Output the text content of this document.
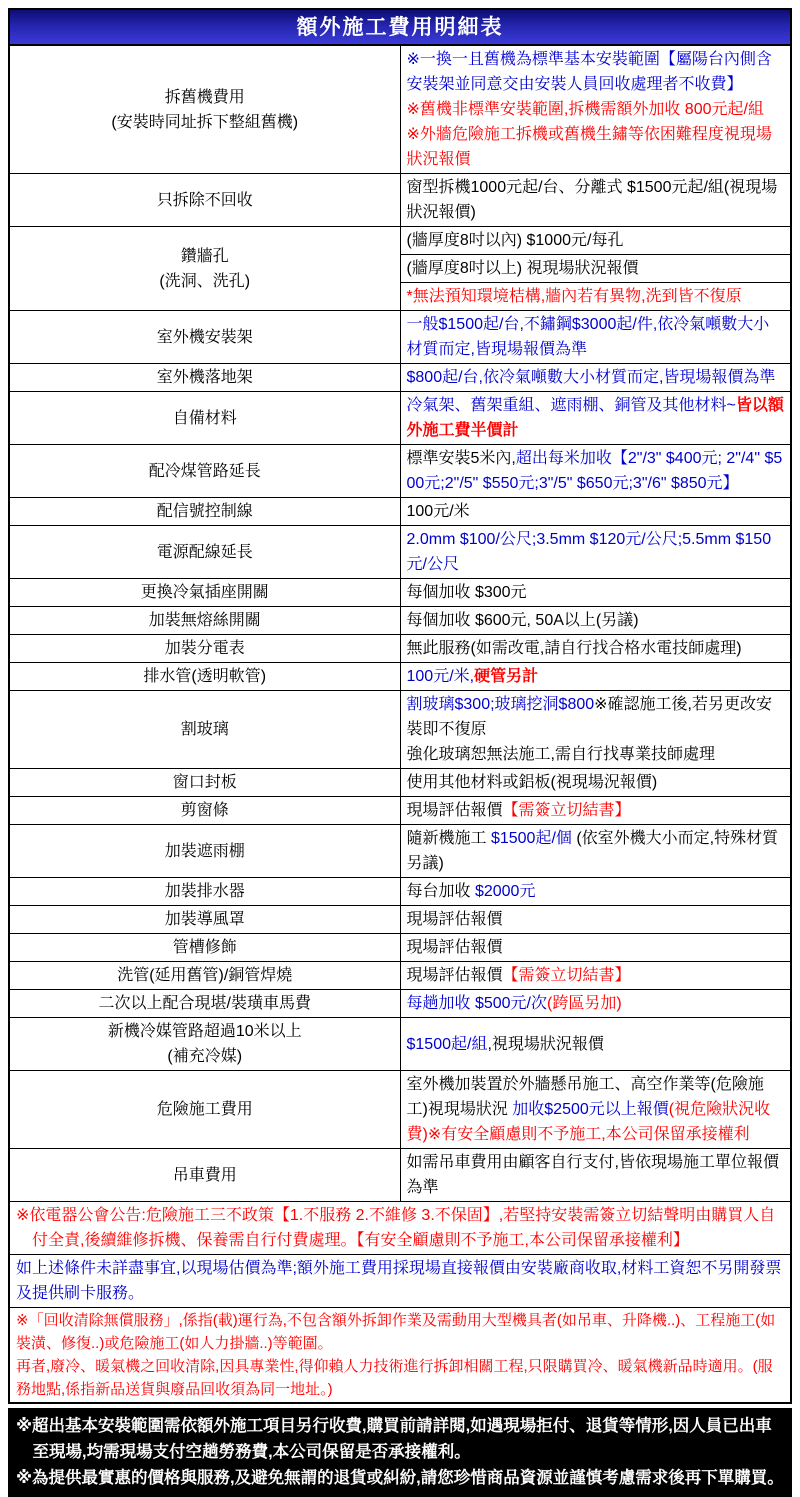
額外施工費用明細表	
拆舊機費用
(安裝時同址拆下整組舊機)	※一換一且舊機為標準基本安裝範圍【屬陽台內側含安裝架並同意交由安裝人員回收處理者不收費】
※舊機非標準安裝範圍,拆機需額外加收 800元起/組
※外牆危險施工拆機或舊機生鏽等依困難程度視現場狀況報價
只拆除不回收	窗型拆機1000元起/台、分離式 $1500元起/組(視現場狀況報價)
鑽牆孔
(洗洞、洗孔)	(牆厚度8吋以內) $1000元/每孔
	(牆厚度8吋以上) 視現場狀況報價
	*無法預知環境桔構,牆內若有異物,洗到皆不復原
室外機安裝架	一般$1500起/台,不鏽鋼$3000起/件,依冷氣噸數大小材質而定,皆現場報價為準
室外機落地架	$800起/台,依冷氣噸數大小材質而定,皆現場報價為準
自備材料	冷氣架、舊架重組、遮雨棚、銅管及其他材料~皆以額外施工費半價計
配冷煤管路延長	標準安裝5米內,超出每米加收【2"/3" $400元; 2"/4" $500元;2"/5" $550元;3"/5" $650元;3"/6" $850元】
配信號控制線	100元/米
電源配線延長	2.0mm $100/公尺;3.5mm $120元/公尺;5.5mm $150元/公尺
更換冷氣插座開關	每個加收 $300元
加裝無熔絲開關	每個加收 $600元, 50A以上(另議)
加裝分電表	無此服務(如需改電,請自行找合格水電技師處理)
排水管(透明軟管)	100元/米,硬管另計
割玻璃	割玻璃$300;玻璃挖洞$800※確認施工後,若另更改安裝即不復原
強化玻璃恕無法施工,需自行找專業技師處理
窗口封板	使用其他材料或鋁板(視現場況報價)
剪窗條	現場評估報價【需簽立切結書】
加裝遮雨棚	隨新機施工 $1500起/個 (依室外機大小而定,特殊材質另議)
加裝排水器	每台加收 $2000元
加裝導風罩	現場評估報價
管槽修飾	現場評估報價
洗管(延用舊管)/銅管焊燒	現場評估報價【需簽立切結書】
二次以上配合現堪/裝璜車馬費	每趟加收 $500元/次(跨區另加)
新機冷媒管路超過10米以上
(補充冷媒)	$1500起/組,視現場狀況報價
危險施工費用	室外機加裝置於外牆懸吊施工、高空作業等(危險施工)視現場狀況 加收$2500元以上報價(視危險狀況收費)※有安全顧慮則不予施工,本公司保留承接權利
吊車費用	如需吊車費用由顧客自行支付,皆依現場施工單位報價為準
※依電器公會公告:危險施工三不政策【1.不服務 2.不維修 3.不保固】,若堅持安裝需簽立切結聲明由購買人自付全責,後續維修拆機、保養需自行付費處理。【有安全顧慮則不予施工,本公司保留承接權利】	
如上述條件未詳盡事宜,以現場估價為準;額外施工費用採現場直接報價由安裝廠商收取,材料工資恕不另開發票及提供刷卡服務。	

※「回收清除無償服務」,係指(載)運行為,不包含額外拆卸作業及需動用大型機具者(如吊車、升降機..)、工程施工(如裝潢、修復..)或危險施工(如人力掛牆..)等範圍。
再者,廢冷、暖氣機之回收清除,因具專業性,得仰賴人力技術進行拆卸相關工程,只限購買冷、暖氣機新品時適用。(服務地點,係指新品送貨與廢品回收須為同一地址。)	

※超出基本安裝範圍需依額外施工項目另行收費,購買前請詳閱,如遇現場拒付、退貨等情形,因人員已出車至現場,均需現場支付空趟勞務費,本公司保留是否承接權利。

※為提供最實惠的價格與服務,及避免無謂的退貨或糾紛,請您珍惜商品資源並謹慎考慮需求後再下單購買。
